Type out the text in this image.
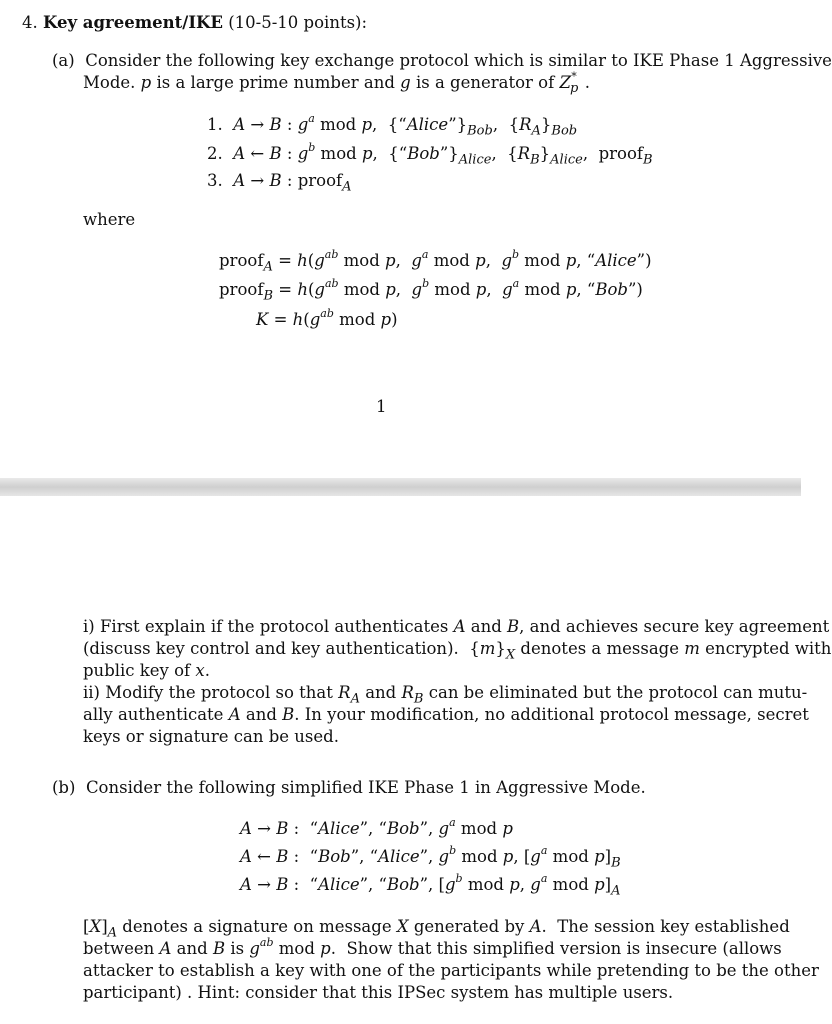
4. Key agreement/IKE (10-5-10 points):
(a) Consider the following key exchange protocol which is similar to IKE Phase 1 Aggressive
Mode. p is a large prime number and g is a generator of $Z_p^*$ .
1. A → B : $g^a$ mod p,  $\{“Alice”\}_{Bob}$,  $\{R_A\}_{Bob}$
2. A ← B : $g^b$ mod p,  $\{“Bob”\}_{Alice}$,  $\{R_B\}_{Alice}$,  proof$_B$
3. A → B : proof$_A$
where
proof$_A$ = $h(g^{ab}$ mod p,  $g^a$ mod p,  $g^b$ mod p, “Alice”)
proof$_B$ = $h(g^{ab}$ mod p,  $g^b$ mod p,  $g^a$ mod p, “Bob”)
$K = h(g^{ab}$ mod p)
1
i) First explain if the protocol authenticates A and B, and achieves secure key agreement
(discuss key control and key authentication).  $\{m\}_X$ denotes a message m encrypted with
public key of x.
ii) Modify the protocol so that $R_A$ and $R_B$ can be eliminated but the protocol can mutu-
ally authenticate A and B. In your modification, no additional protocol message, secret
keys or signature can be used.
(b) Consider the following simplified IKE Phase 1 in Aggressive Mode.
A → B :  “Alice”, “Bob”, $g^a$ mod p
A ← B :  “Bob”, “Alice”, $g^b$ mod p, [$g^a$ mod $p]_B$
A → B :  “Alice”, “Bob”, [$g^b$ mod p, $g^a$ mod $p]_A$
$[X]_A$ denotes a signature on message X generated by A.  The session key established
between A and B is $g^{ab}$ mod p.  Show that this simplified version is insecure (allows
attacker to establish a key with one of the participants while pretending to be the other
participant) . Hint: consider that this IPSec system has multiple users.
